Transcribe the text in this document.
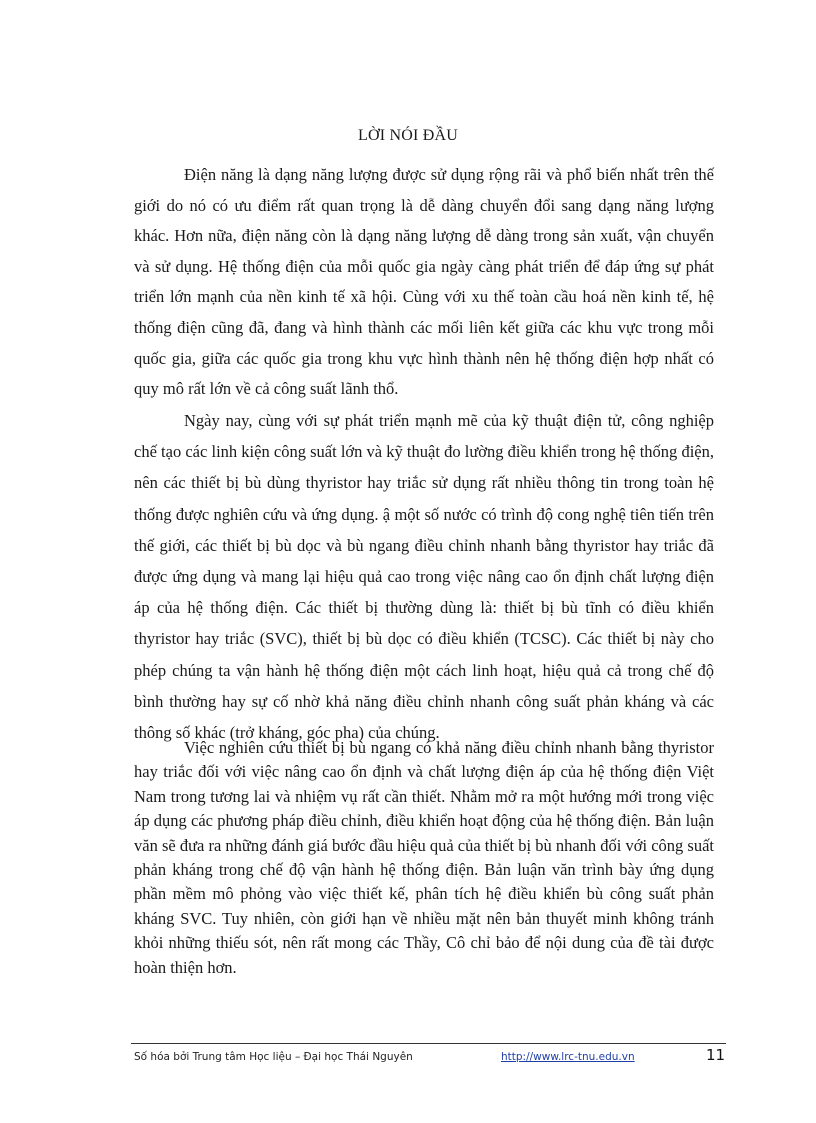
LỜI NÓI ĐẦU

Điện năng là dạng năng lượng được sử dụng rộng rãi và phổ biến nhất trên thế giới do nó có ưu điểm rất quan trọng là dễ dàng chuyển đổi sang dạng năng lượng khác. Hơn nữa, điện năng còn là dạng năng lượng dễ dàng trong sản xuất, vận chuyển và sử dụng. Hệ thống điện của mỗi quốc gia ngày càng phát triển để đáp ứng sự phát triển lớn mạnh của nền kinh tế xã hội. Cùng với xu thế toàn cầu hoá nền kinh tế, hệ thống điện cũng đã, đang và hình thành các mối liên kết giữa các khu vực trong mỗi quốc gia, giữa các quốc gia trong khu vực hình thành nên hệ thống điện hợp nhất có quy mô rất lớn về cả công suất lãnh thổ.

Ngày nay, cùng với sự phát triển mạnh mẽ của kỹ thuật điện tử, công nghiệp chế tạo các linh kiện công suất lớn và kỹ thuật đo lường điều khiển trong hệ thống điện, nên các thiết bị bù dùng thyristor hay triắc sử dụng rất nhiều thông tin trong toàn hệ thống được nghiên cứu và ứng dụng. ậ một số nước có trình độ cong nghệ tiên tiến trên thế giới, các thiết bị bù dọc và bù ngang điều chỉnh nhanh bằng thyristor hay triắc đã được ứng dụng và mang lại hiệu quả cao trong việc nâng cao ổn định chất lượng điện áp của hệ thống điện. Các thiết bị thường dùng là: thiết bị bù tĩnh có điều khiển thyristor hay triắc (SVC), thiết bị bù dọc có điều khiển (TCSC). Các thiết bị này cho phép chúng ta vận hành hệ thống điện một cách linh hoạt, hiệu quả cả trong chế độ bình thường hay sự cố nhờ khả năng điều chỉnh nhanh công suất phản kháng và các thông số khác (trở kháng, góc pha) của chúng.

Việc nghiên cứu thiết bị bù ngang có khả năng điều chỉnh nhanh bằng thyristor hay triắc đối với việc nâng cao ổn định và chất lượng điện áp của hệ thống điện Việt Nam trong tương lai và nhiệm vụ rất cần thiết. Nhằm mở ra một hướng mới trong việc áp dụng các phương pháp điều chỉnh, điều khiển hoạt động của hệ thống điện. Bản luận văn sẽ đưa ra những đánh giá bước đầu hiệu quả của thiết bị bù nhanh đối với công suất phản kháng trong chế độ vận hành hệ thống điện. Bản luận văn trình bày ứng dụng phần mềm mô phỏng vào việc thiết kế, phân tích hệ điều khiển bù công suất phản kháng SVC. Tuy nhiên, còn giới hạn về nhiều mặt nên bản thuyết minh không tránh khỏi những thiếu sót, nên rất mong các Thầy, Cô chỉ bảo để nội dung của đề tài được hoàn thiện hơn.

Số hóa bởi Trung tâm Học liệu – Đại học Thái Nguyên	http://www.lrc-tnu.edu.vn	11
